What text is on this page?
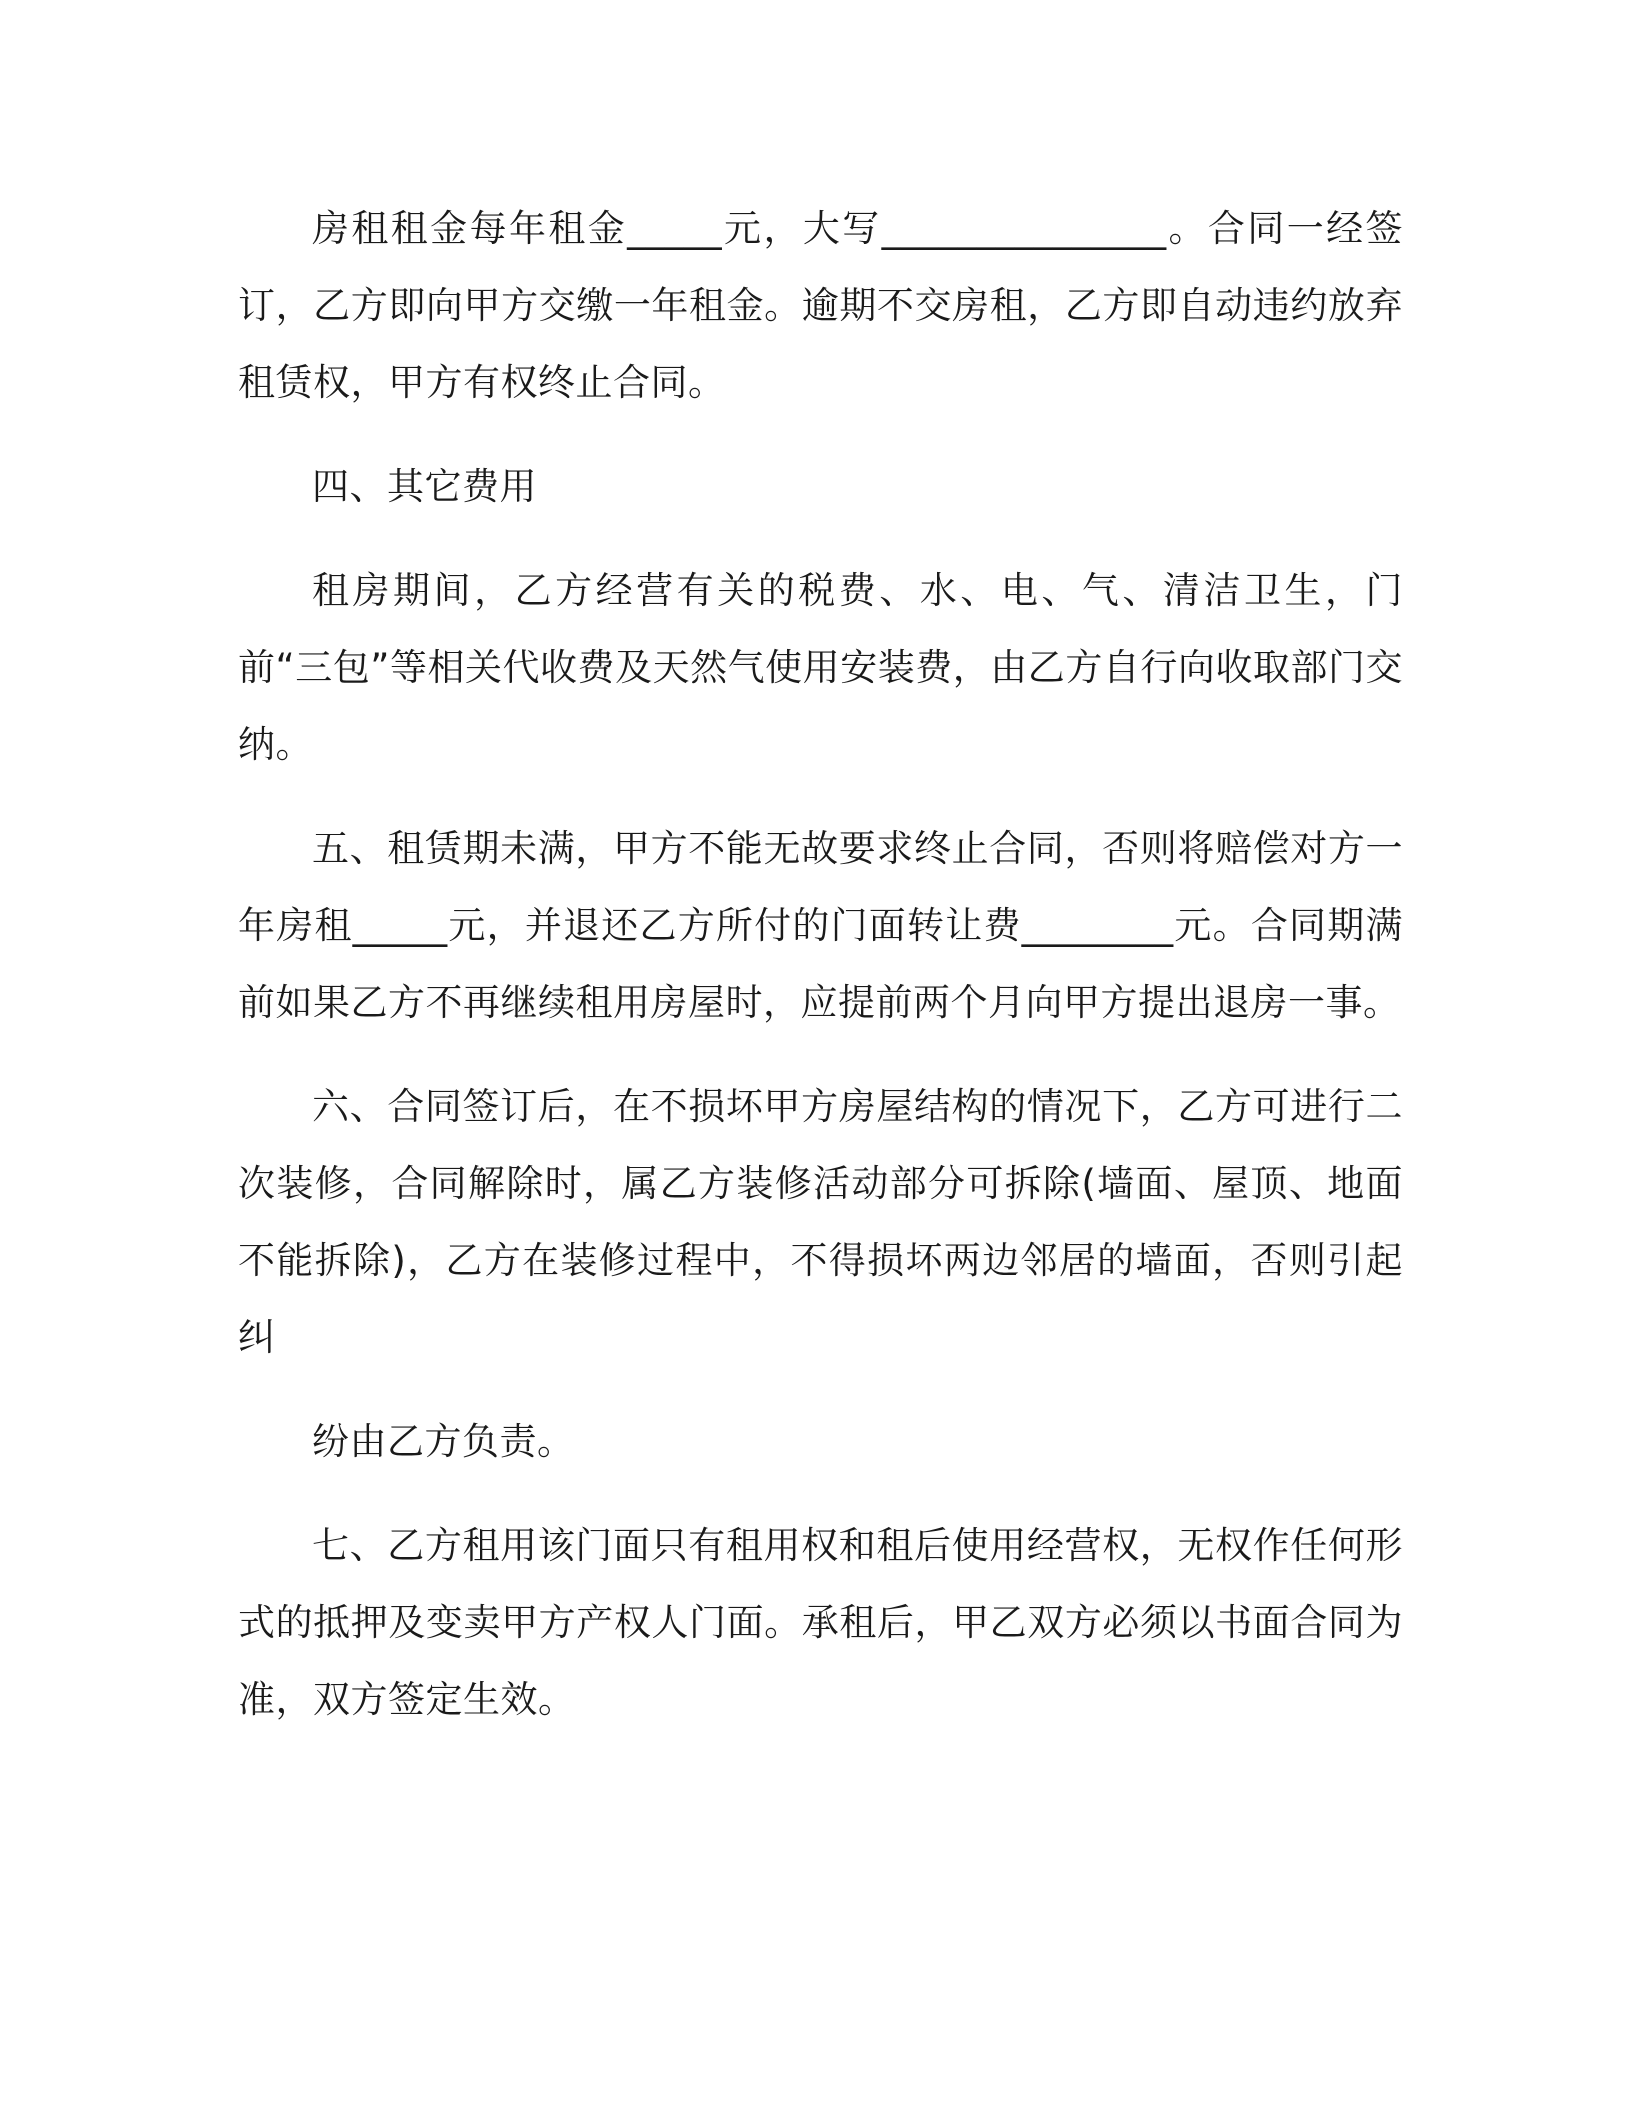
房租租金每年租金_____元，大写_______________。合同一经签订，乙方即向甲方交缴一年租金。逾期不交房租，乙方即自动违约放弃租赁权，甲方有权终止合同。

四、其它费用

租房期间，乙方经营有关的税费、水、电、气、清洁卫生，门前“三包”等相关代收费及天然气使用安装费，由乙方自行向收取部门交纳。

五、租赁期未满，甲方不能无故要求终止合同，否则将赔偿对方一年房租_____元，并退还乙方所付的门面转让费________元。合同期满前如果乙方不再继续租用房屋时，应提前两个月向甲方提出退房一事。

六、合同签订后，在不损坏甲方房屋结构的情况下，乙方可进行二次装修，合同解除时，属乙方装修活动部分可拆除(墙面、屋顶、地面不能拆除)，乙方在装修过程中，不得损坏两边邻居的墙面，否则引起纠

纷由乙方负责。

七、乙方租用该门面只有租用权和租后使用经营权，无权作任何形式的抵押及变卖甲方产权人门面。承租后，甲乙双方必须以书面合同为准，双方签定生效。
